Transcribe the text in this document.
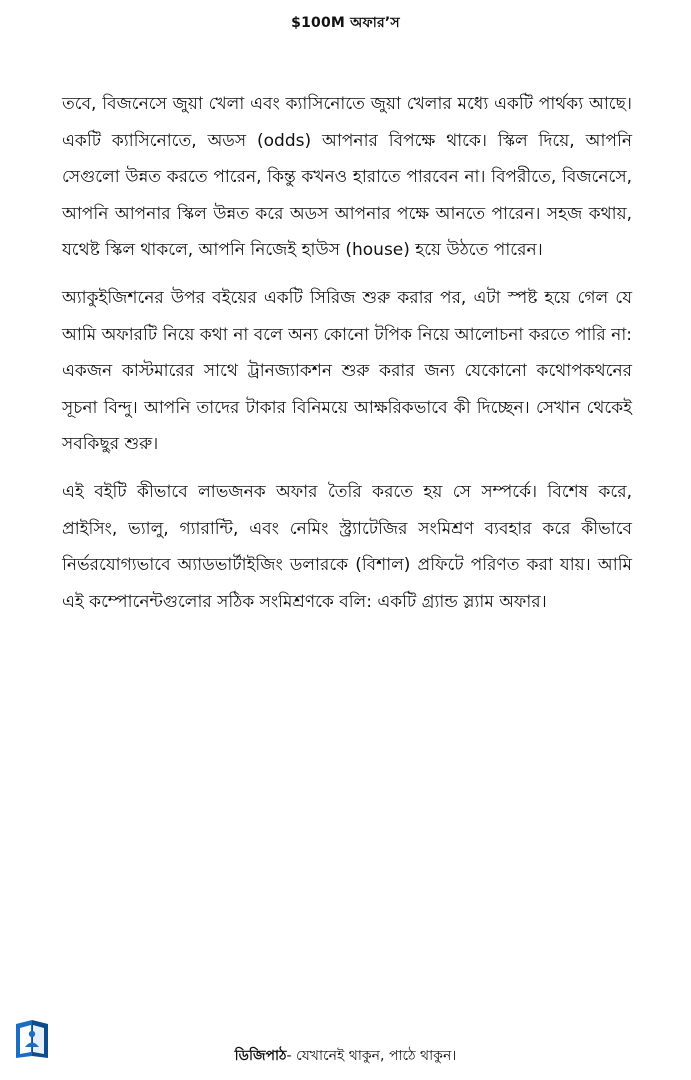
$100M অফার’স

তবে, বিজনেসে জুয়া খেলা এবং ক্যাসিনোতে জুয়া খেলার মধ্যে একটি পার্থক্য আছে। একটি ক্যাসিনোতে, অডস (odds) আপনার বিপক্ষে থাকে। স্কিল দিয়ে, আপনি সেগুলো উন্নত করতে পারেন, কিন্তু কখনও হারাতে পারবেন না। বিপরীতে, বিজনেসে, আপনি আপনার স্কিল উন্নত করে অডস আপনার পক্ষে আনতে পারেন। সহজ কথায়, যথেষ্ট স্কিল থাকলে, আপনি নিজেই হাউস (house) হয়ে উঠতে পারেন।

অ্যাকুইজিশনের উপর বইয়ের একটি সিরিজ শুরু করার পর, এটা স্পষ্ট হয়ে গেল যে আমি অফারটি নিয়ে কথা না বলে অন্য কোনো টপিক নিয়ে আলোচনা করতে পারি না: একজন কাস্টমারের সাথে ট্রানজ্যাকশন শুরু করার জন্য যেকোনো কথোপকথনের সূচনা বিন্দু। আপনি তাদের টাকার বিনিময়ে আক্ষরিকভাবে কী দিচ্ছেন। সেখান থেকেই সবকিছুর শুরু।

এই বইটি কীভাবে লাভজনক অফার তৈরি করতে হয় সে সম্পর্কে। বিশেষ করে, প্রাইসিং, ভ্যালু, গ্যারান্টি, এবং নেমিং স্ট্র্যাটেজির সংমিশ্রণ ব্যবহার করে কীভাবে নির্ভরযোগ্যভাবে অ্যাডভার্টাইজিং ডলারকে (বিশাল) প্রফিটে পরিণত করা যায়। আমি এই কম্পোনেন্টগুলোর সঠিক সংমিশ্রণকে বলি: একটি গ্র্যান্ড স্ল্যাম অফার।

ডিজিপাঠ- যেখানেই থাকুন, পাঠে থাকুন।
